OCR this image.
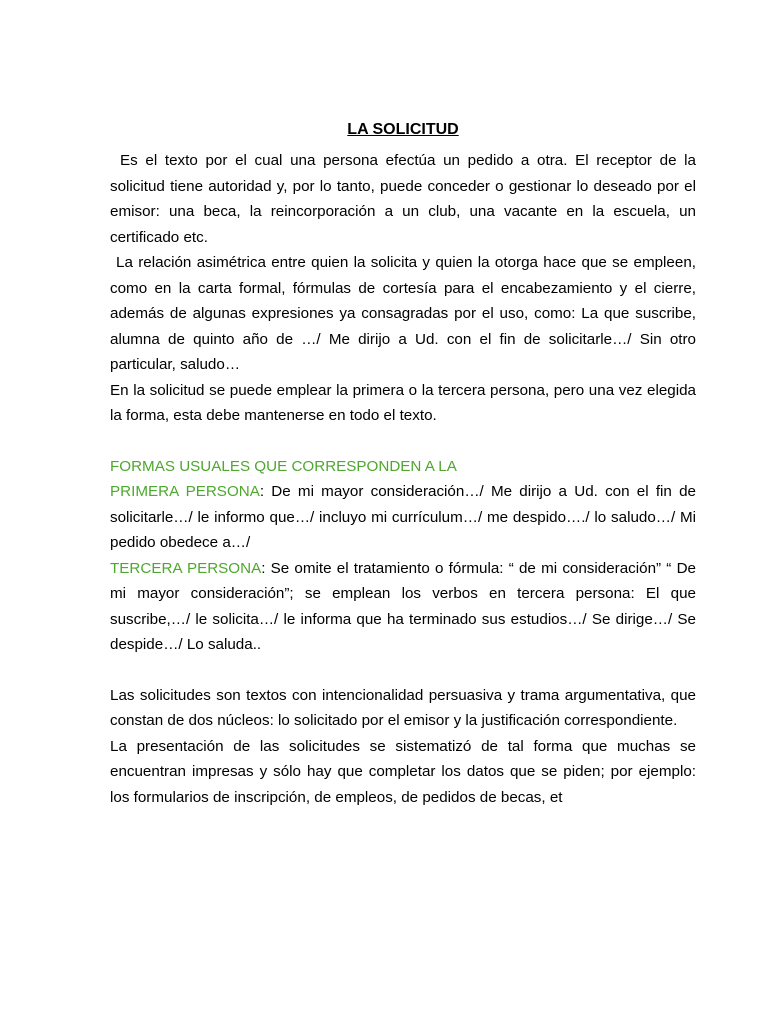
LA SOLICITUD

Es el texto por el cual una persona efectúa un pedido a otra. El receptor de la solicitud tiene autoridad y, por lo tanto, puede conceder o gestionar lo deseado por el emisor: una beca, la reincorporación a un club, una vacante en la escuela, un certificado etc.

La relación asimétrica entre quien la solicita y quien la otorga hace que se empleen, como en la carta formal, fórmulas de cortesía para el encabezamiento y el cierre, además de algunas expresiones ya consagradas por el uso, como: La que suscribe, alumna de quinto año de …/ Me dirijo a Ud. con el fin de solicitarle…/ Sin otro particular, saludo…

En la solicitud se puede emplear la primera o la tercera persona, pero una vez elegida la forma, esta debe mantenerse en todo el texto.

FORMAS USUALES QUE CORRESPONDEN A LA

PRIMERA PERSONA: De mi mayor consideración…/ Me dirijo a Ud. con el fin de solicitarle…/ le informo que…/ incluyo mi currículum…/ me despido…./ lo saludo…/ Mi pedido obedece a…/

TERCERA PERSONA: Se omite el tratamiento o fórmula: “ de mi consideración” “ De mi mayor consideración”; se emplean los verbos en tercera persona: El que suscribe,…/ le solicita…/ le informa que ha terminado sus estudios…/ Se dirige…/ Se despide…/ Lo saluda..

Las solicitudes son textos con intencionalidad persuasiva y trama argumentativa, que constan de dos núcleos: lo solicitado por el emisor y la justificación correspondiente.

La presentación de las solicitudes se sistematizó de tal forma que muchas se encuentran impresas y sólo hay que completar los datos que se piden; por ejemplo: los formularios de inscripción, de empleos, de pedidos de becas, et
